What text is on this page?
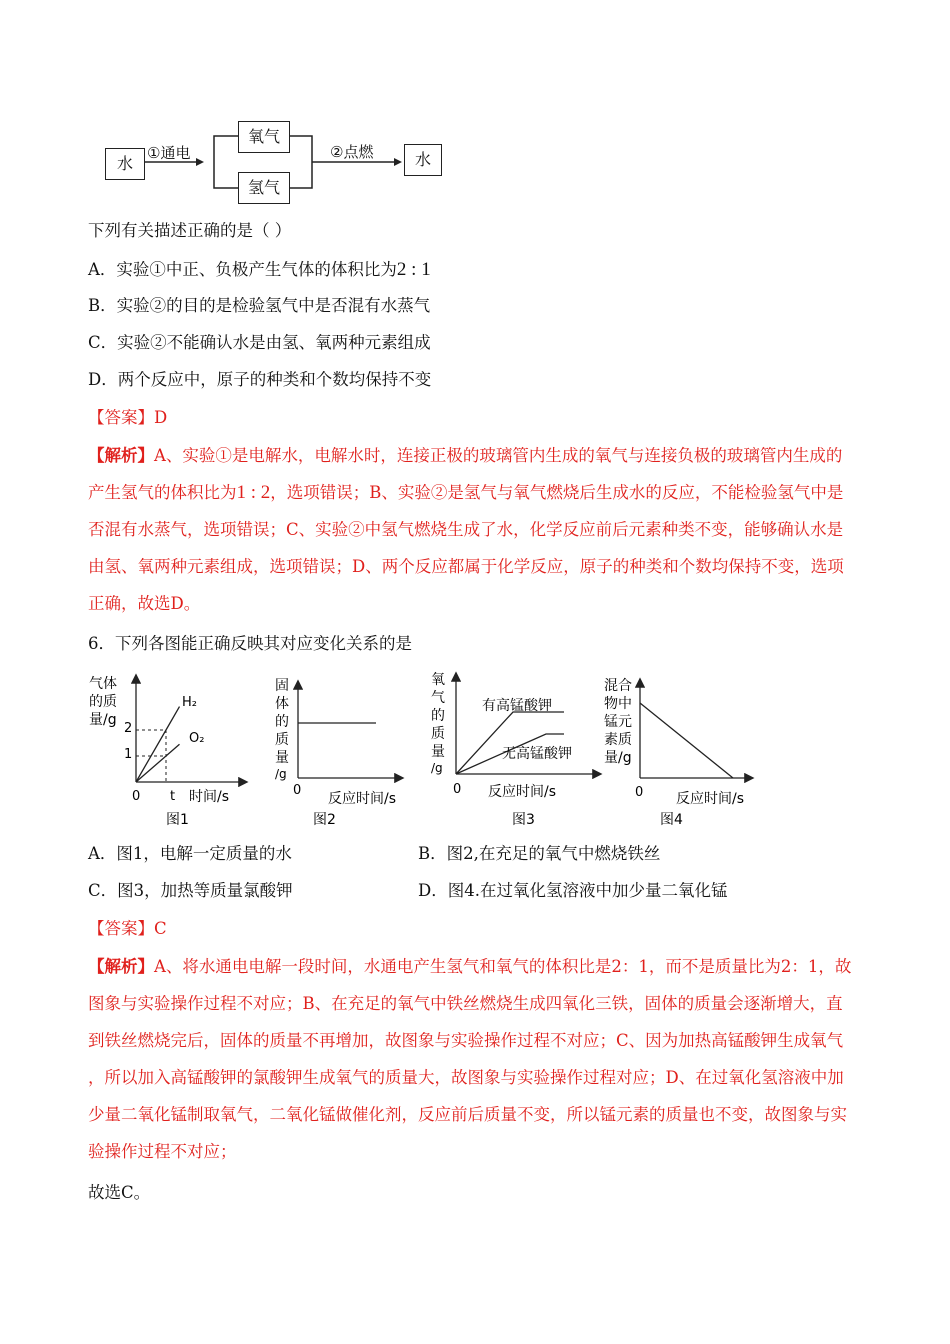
水
①通电
氧气
氢气
②点燃	水
下列有关描述正确的是（ ）
A．实验①中正、负极产生气体的体积比为2 : 1
B．实验②的目的是检验氢气中是否混有水蒸气
C．实验②不能确认水是由氢、氧两种元素组成
D．两个反应中，原子的种类和个数均保持不变
【答案】D
【解析】A、实验①是电解水，电解水时，连接正极的玻璃管内生成的氧气与连接负极的玻璃管内生成的
产生氢气的体积比为1 : 2，选项错误；B、实验②是氢气与氧气燃烧后生成水的反应，不能检验氢气中是
否混有水蒸气，选项错误；C、实验②中氢气燃烧生成了水，化学反应前后元素种类不变，能够确认水是
由氢、氧两种元素组成，选项错误；D、两个反应都属于化学反应，原子的种类和个数均保持不变，选项
正确，故选D。
6．下列各图能正确反映其对应变化关系的是
气体
的质
量/g
H₂
O₂
2
1
0 t 时间/s
图1
固
体
的
质
量
/g
0
反应时间/s
图2
氧
气
的
质
量
/g
有高锰酸钾
无高锰酸钾
0 反应时间/s
图3
混合
物中
锰元
素质
量/g
0 反应时间/s
图4
A．图1，电解一定质量的水	B．图2,在充足的氧气中燃烧铁丝
C．图3，加热等质量氯酸钾	D．图4.在过氧化氢溶液中加少量二氧化锰
【答案】C
【解析】A、将水通电电解一段时间，水通电产生氢气和氧气的体积比是2：1，而不是质量比为2：1，故
图象与实验操作过程不对应；B、在充足的氧气中铁丝燃烧生成四氧化三铁，固体的质量会逐渐增大，直
到铁丝燃烧完后，固体的质量不再增加，故图象与实验操作过程不对应；C、因为加热高锰酸钾生成氧气
，所以加入高锰酸钾的氯酸钾生成氧气的质量大，故图象与实验操作过程对应；D、在过氧化氢溶液中加
少量二氧化锰制取氧气，二氧化锰做催化剂，反应前后质量不变，所以锰元素的质量也不变，故图象与实
验操作过程不对应；
故选C。
